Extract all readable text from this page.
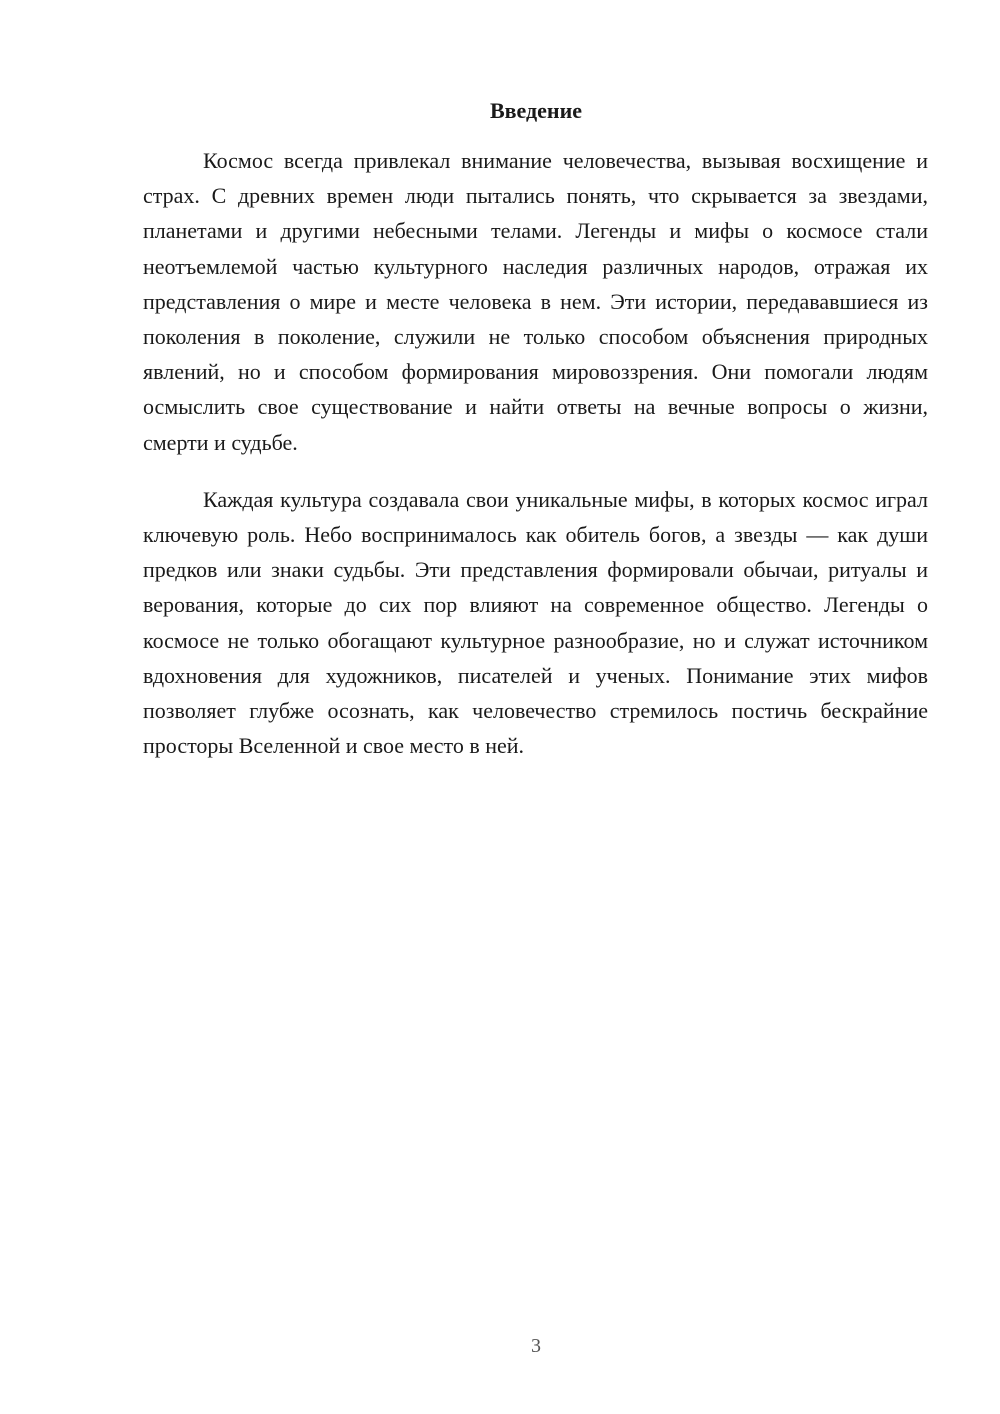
Введение

Космос всегда привлекал внимание человечества, вызывая восхищение и страх. С древних времен люди пытались понять, что скрывается за звездами, планетами и другими небесными телами. Легенды и мифы о космосе стали неотъемлемой частью культурного наследия различных народов, отражая их представления о мире и месте человека в нем. Эти истории, передававшиеся из поколения в поколение, служили не только способом объяснения природных явлений, но и способом формирования мировоззрения. Они помогали людям осмыслить свое существование и найти ответы на вечные вопросы о жизни, смерти и судьбе.

Каждая культура создавала свои уникальные мифы, в которых космос играл ключевую роль. Небо воспринималось как обитель богов, а звезды — как души предков или знаки судьбы. Эти представления формировали обычаи, ритуалы и верования, которые до сих пор влияют на современное общество. Легенды о космосе не только обогащают культурное разнообразие, но и служат источником вдохновения для художников, писателей и ученых. Понимание этих мифов позволяет глубже осознать, как человечество стремилось постичь бескрайние просторы Вселенной и свое место в ней.

3
